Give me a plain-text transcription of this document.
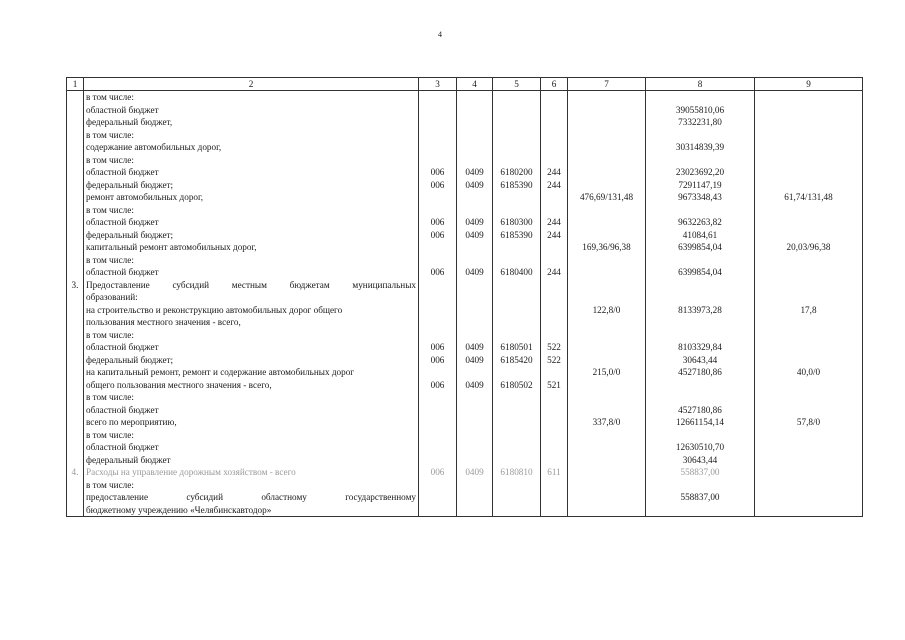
4
1	2	3	4	5	6	7	8	9
	в том числе:							
	областной бюджет						39055810,06	
	федеральный бюджет,						7332231,80	
	в том числе:							
	содержание автомобильных дорог,						30314839,39	
	в том числе:							
	областной бюджет	006	0409	6180200	244		23023692,20	
	федеральный бюджет;	006	0409	6185390	244		7291147,19	
	ремонт автомобильных дорог,					476,69/131,48	9673348,43	61,74/131,48
	в том числе:							
	областной бюджет	006	0409	6180300	244		9632263,82	
	федеральный бюджет;	006	0409	6185390	244		41084,61	
	капитальный ремонт автомобильных дорог,					169,36/96,38	6399854,04	20,03/96,38
	в том числе:							
	областной бюджет	006	0409	6180400	244		6399854,04	
3.	Предоставление субсидий местным бюджетам муниципальных							
	образований:							
	на строительство и реконструкцию автомобильных дорог общего					122,8/0	8133973,28	17,8
	пользования местного значения - всего,							
	в том числе:							
	областной бюджет	006	0409	6180501	522		8103329,84	
	федеральный бюджет;	006	0409	6185420	522		30643,44	
	на капитальный ремонт, ремонт и содержание автомобильных дорог					215,0/0	4527180,86	40,0/0
	общего пользования местного значения - всего,	006	0409	6180502	521			
	в том числе:							
	областной бюджет						4527180,86	
	всего по мероприятию,					337,8/0	12661154,14	57,8/0
	в том числе:							
	областной бюджет						12630510,70	
	федеральный бюджет						30643,44	
4.	Расходы на управление дорожным хозяйством - всего	006	0409	6180810	611		558837,00	
	в том числе:							
	предоставление субсидий областному государственному						558837,00	
	бюджетному учреждению «Челябинскавтодор»							
